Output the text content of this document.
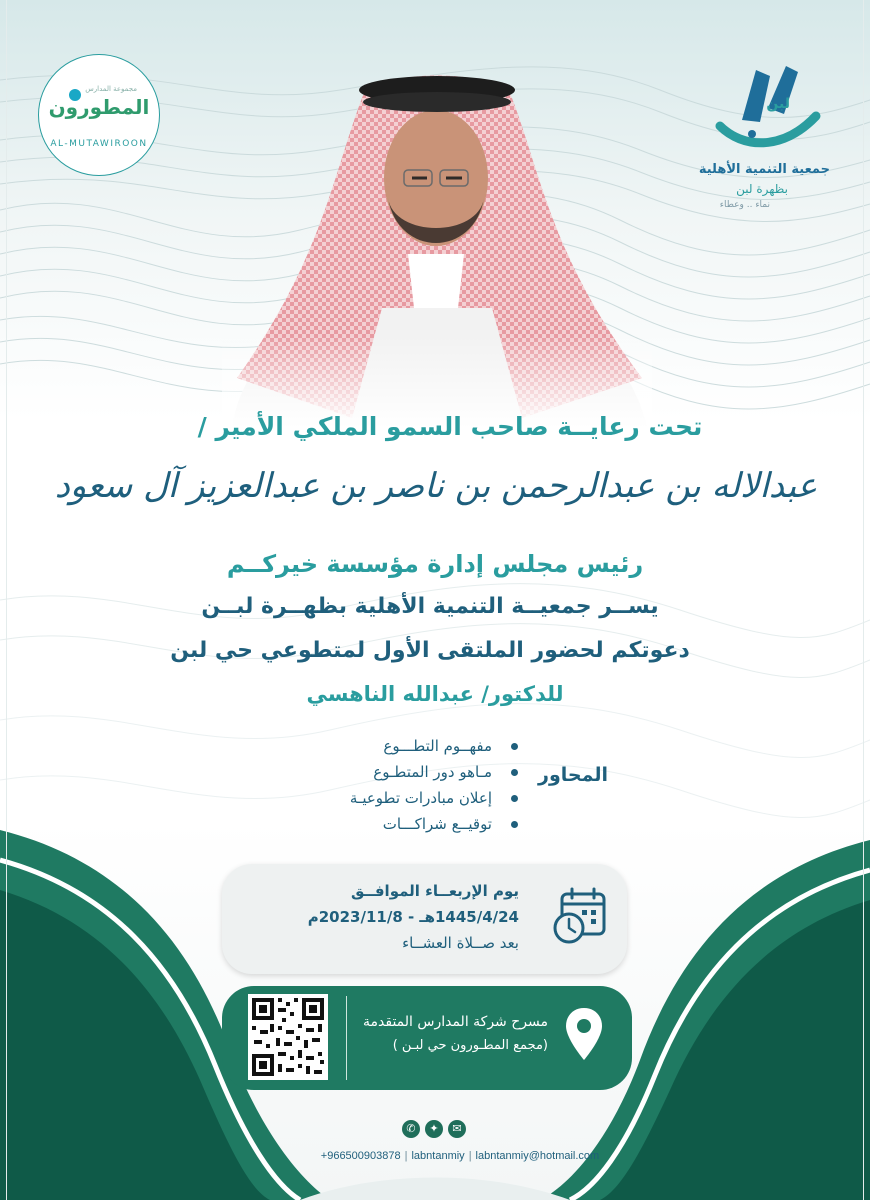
مجموعة المدارس
المطورون
AL-MUTAWIROON
لبن
جمعية التنمية الأهلية
بظهرة لبن
نماء .. وعطاء
تحت رعايــة صاحب السمو الملكي الأمير /
عبدالاله بن عبدالرحمن بن ناصر بن عبدالعزيز آل سعود
رئيس مجلس إدارة مؤسسة خيركــم
يســر جمعيــة التنمية الأهلية بظهــرة لبــن
دعوتكم لحضور الملتقى الأول لمتطوعي حي لبن
للدكتور/ عبدالله الناهسي
المحاور
مفهــوم التطـــوع
مـاهو دور المتطـوع
إعلان مبادرات تطوعيـة
توقيــع شراكـــات
يوم الإربعــاء الموافــق
1445/4/24هـ - 2023/11/8م
بعد صــلاة العشــاء
مسرح شركة المدارس المتقدمة
(مجمع المطـورون حي لبـن )
✆	✦	✉
+966500903878 | labntanmiy | labntanmiy@hotmail.com
